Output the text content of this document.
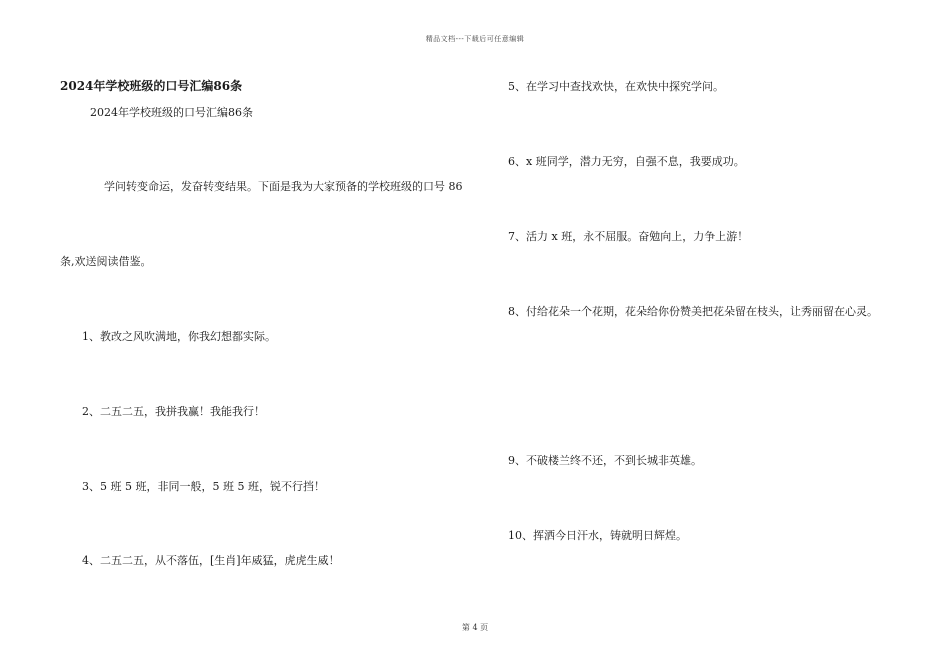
精品文档---下载后可任意编辑
2024年学校班级的口号汇编86条
2024年学校班级的口号汇编86条
学问转变命运，发奋转变结果。下面是我为大家预备的学校班级的口号 86
条,欢送阅读借鉴。
1、教改之风吹满地，你我幻想都实际。
2、二五二五，我拼我赢！我能我行！
3、5 班 5 班，非同一般，5 班 5 班，锐不行挡！
4、二五二五，从不落伍，[生肖]年威猛，虎虎生威！
5、在学习中查找欢快，在欢快中探究学问。
6、x 班同学，潜力无穷，自强不息，我要成功。
7、活力 x 班，永不屈服。奋勉向上，力争上游！
8、付给花朵一个花期，花朵给你份赞美把花朵留在枝头，让秀丽留在心灵。
9、不破楼兰终不还，不到长城非英雄。
10、挥洒今日汗水，铸就明日辉煌。
第 4 页
